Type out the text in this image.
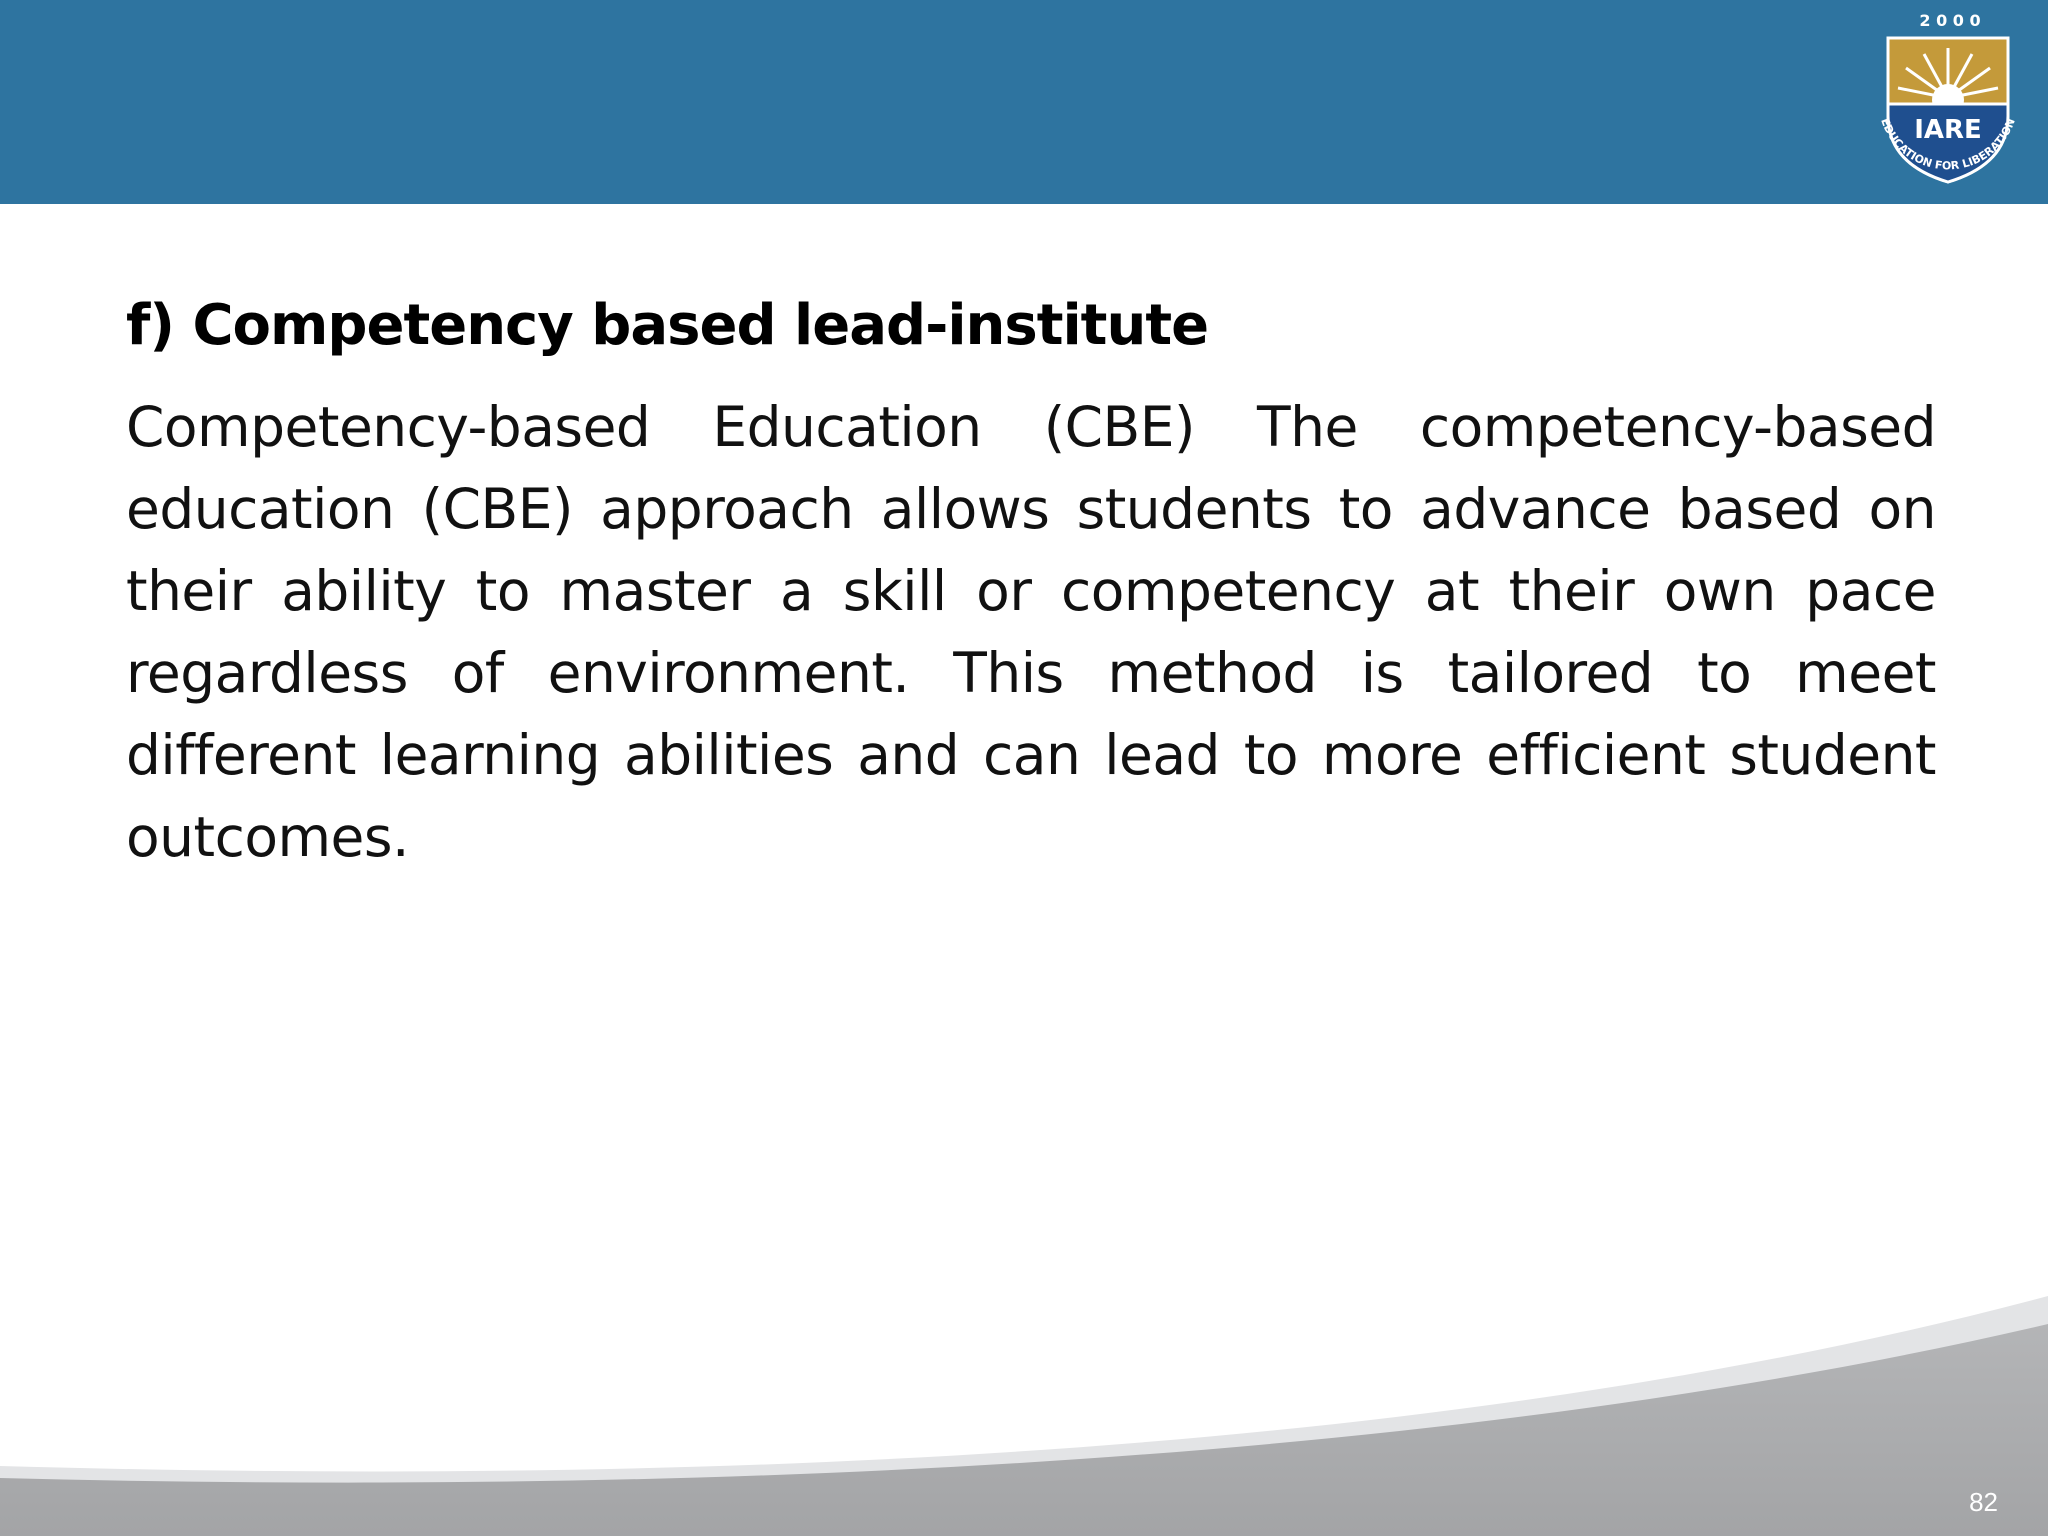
2 0 0 0
IARE
EDUCATION FOR LIBERATION
f) Competency based lead-institute

Competency-based Education (CBE) The competency-based education (CBE) approach allows students to advance based on their ability to master a skill or competency at their own pace regardless of environment. This method is tailored to meet different learning abilities and can lead to more efficient student outcomes.

82
